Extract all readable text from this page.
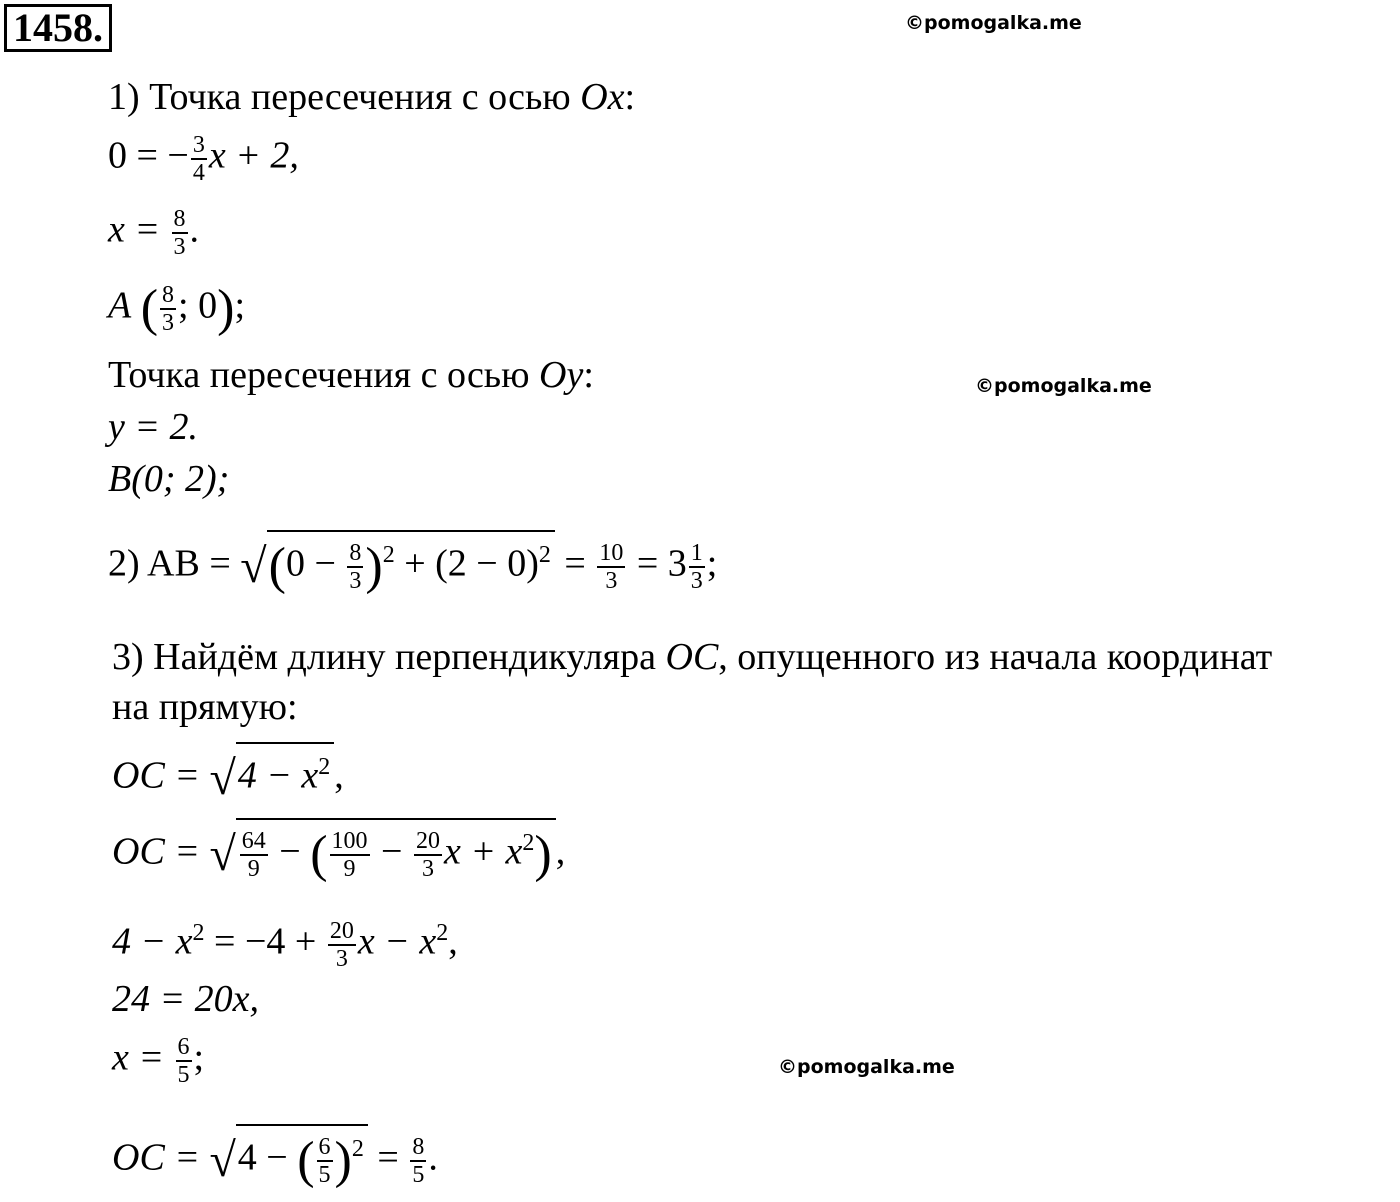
1458.	©pomogalka.me
©pomogalka.me
©pomogalka.me
1) Точка пересечения с осью Ox:
0 = − $\frac{3}{4}$ x + 2,
$x = \frac{8}{3}$ .
A ( $\frac{8}{3}$ ; 0);
Точка пересечения с осью Oy:
y = 2.
B(0; 2);
2) AB = $√(0 - \frac{8}{3} )^2 + (2 - 0)^2 = \frac{10}{3} = 3 \frac{1}{3}$ ;
3) Найдём длину перпендикуляра OC, опущенного из начала координат
на прямую:
OC = $√4 - x^2$ ,
OC = √ $\frac{64}{9}$ − ( $\frac{100}{9} - \frac{20}{3}$ $x + x^2$) ,
$4 - x^2 = -4 + \frac{20}{3}$ $x - x^2$,
24 = 20x,
$x = \frac{6}{5}$ ;
OC = √4 − ( $\frac{6}{5} )^2 = \frac{8}{5}$ .
